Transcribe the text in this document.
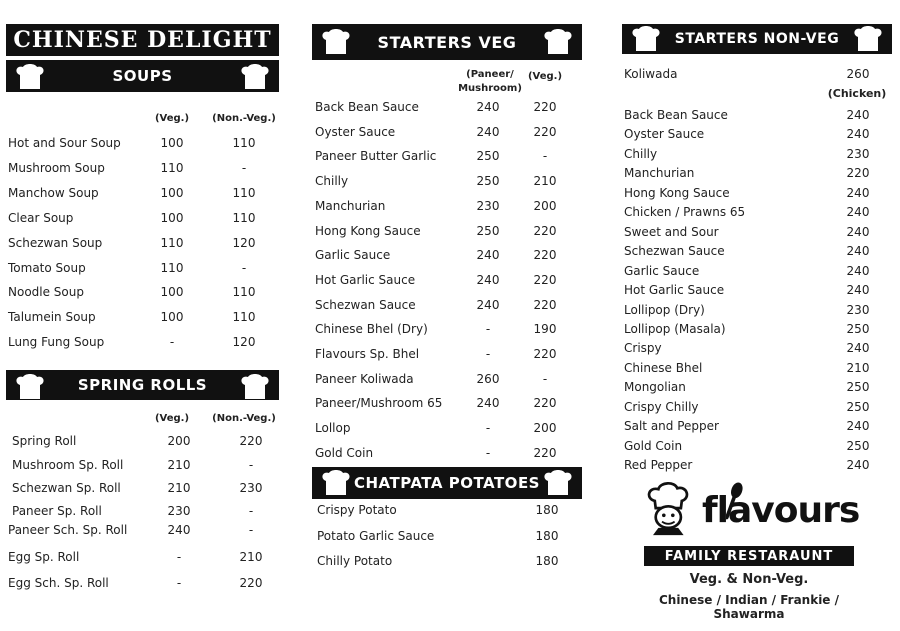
CHINESE DELIGHT
SOUPS
(Veg.)	(Non.-Veg.)
Hot and Sour Soup	100	110
Mushroom Soup	110	-
Manchow Soup	100	110
Clear Soup	100	110
Schezwan Soup	110	120
Tomato Soup	110	-
Noodle Soup	100	110
Talumein Soup	100	110
Lung Fung Soup	-	120
SPRING ROLLS
(Veg.)	(Non.-Veg.)
Spring Roll	200	220
Mushroom Sp. Roll	210	-
Schezwan Sp. Roll	210	230
Paneer Sp. Roll	230	-
Paneer Sch. Sp. Roll	240	-
Egg Sp. Roll	-	210
Egg Sch. Sp. Roll	-	220
STARTERS VEG
(Paneer/
Mushroom)
(Veg.)
Back Bean Sauce	240	220
Oyster Sauce	240	220
Paneer Butter Garlic	250	-
Chilly	250	210
Manchurian	230	200
Hong Kong Sauce	250	220
Garlic Sauce	240	220
Hot Garlic Sauce	240	220
Schezwan Sauce	240	220
Chinese Bhel (Dry)	-	190
Flavours Sp. Bhel	-	220
Paneer Koliwada	260	-
Paneer/Mushroom 65	240	220
Lollop	-	200
Gold Coin	-	220
CHATPATA POTATOES
Crispy Potato	180
Potato Garlic Sauce	180
Chilly Potato	180
STARTERS NON-VEG
Koliwada	260
(Chicken)
Back Bean Sauce	240
Oyster Sauce	240
Chilly	230
Manchurian	220
Hong Kong Sauce	240
Chicken / Prawns 65	240
Sweet and Sour	240
Schezwan Sauce	240
Garlic Sauce	240
Hot Garlic Sauce	240
Lollipop (Dry)	230
Lollipop (Masala)	250
Crispy	240
Chinese Bhel	210
Mongolian	250
Crispy Chilly	250
Salt and Pepper	240
Gold Coin	250
Red Pepper	240
flavours
FAMILY RESTARAUNT
Veg. & Non-Veg.
Chinese / Indian / Frankie / Shawarma
